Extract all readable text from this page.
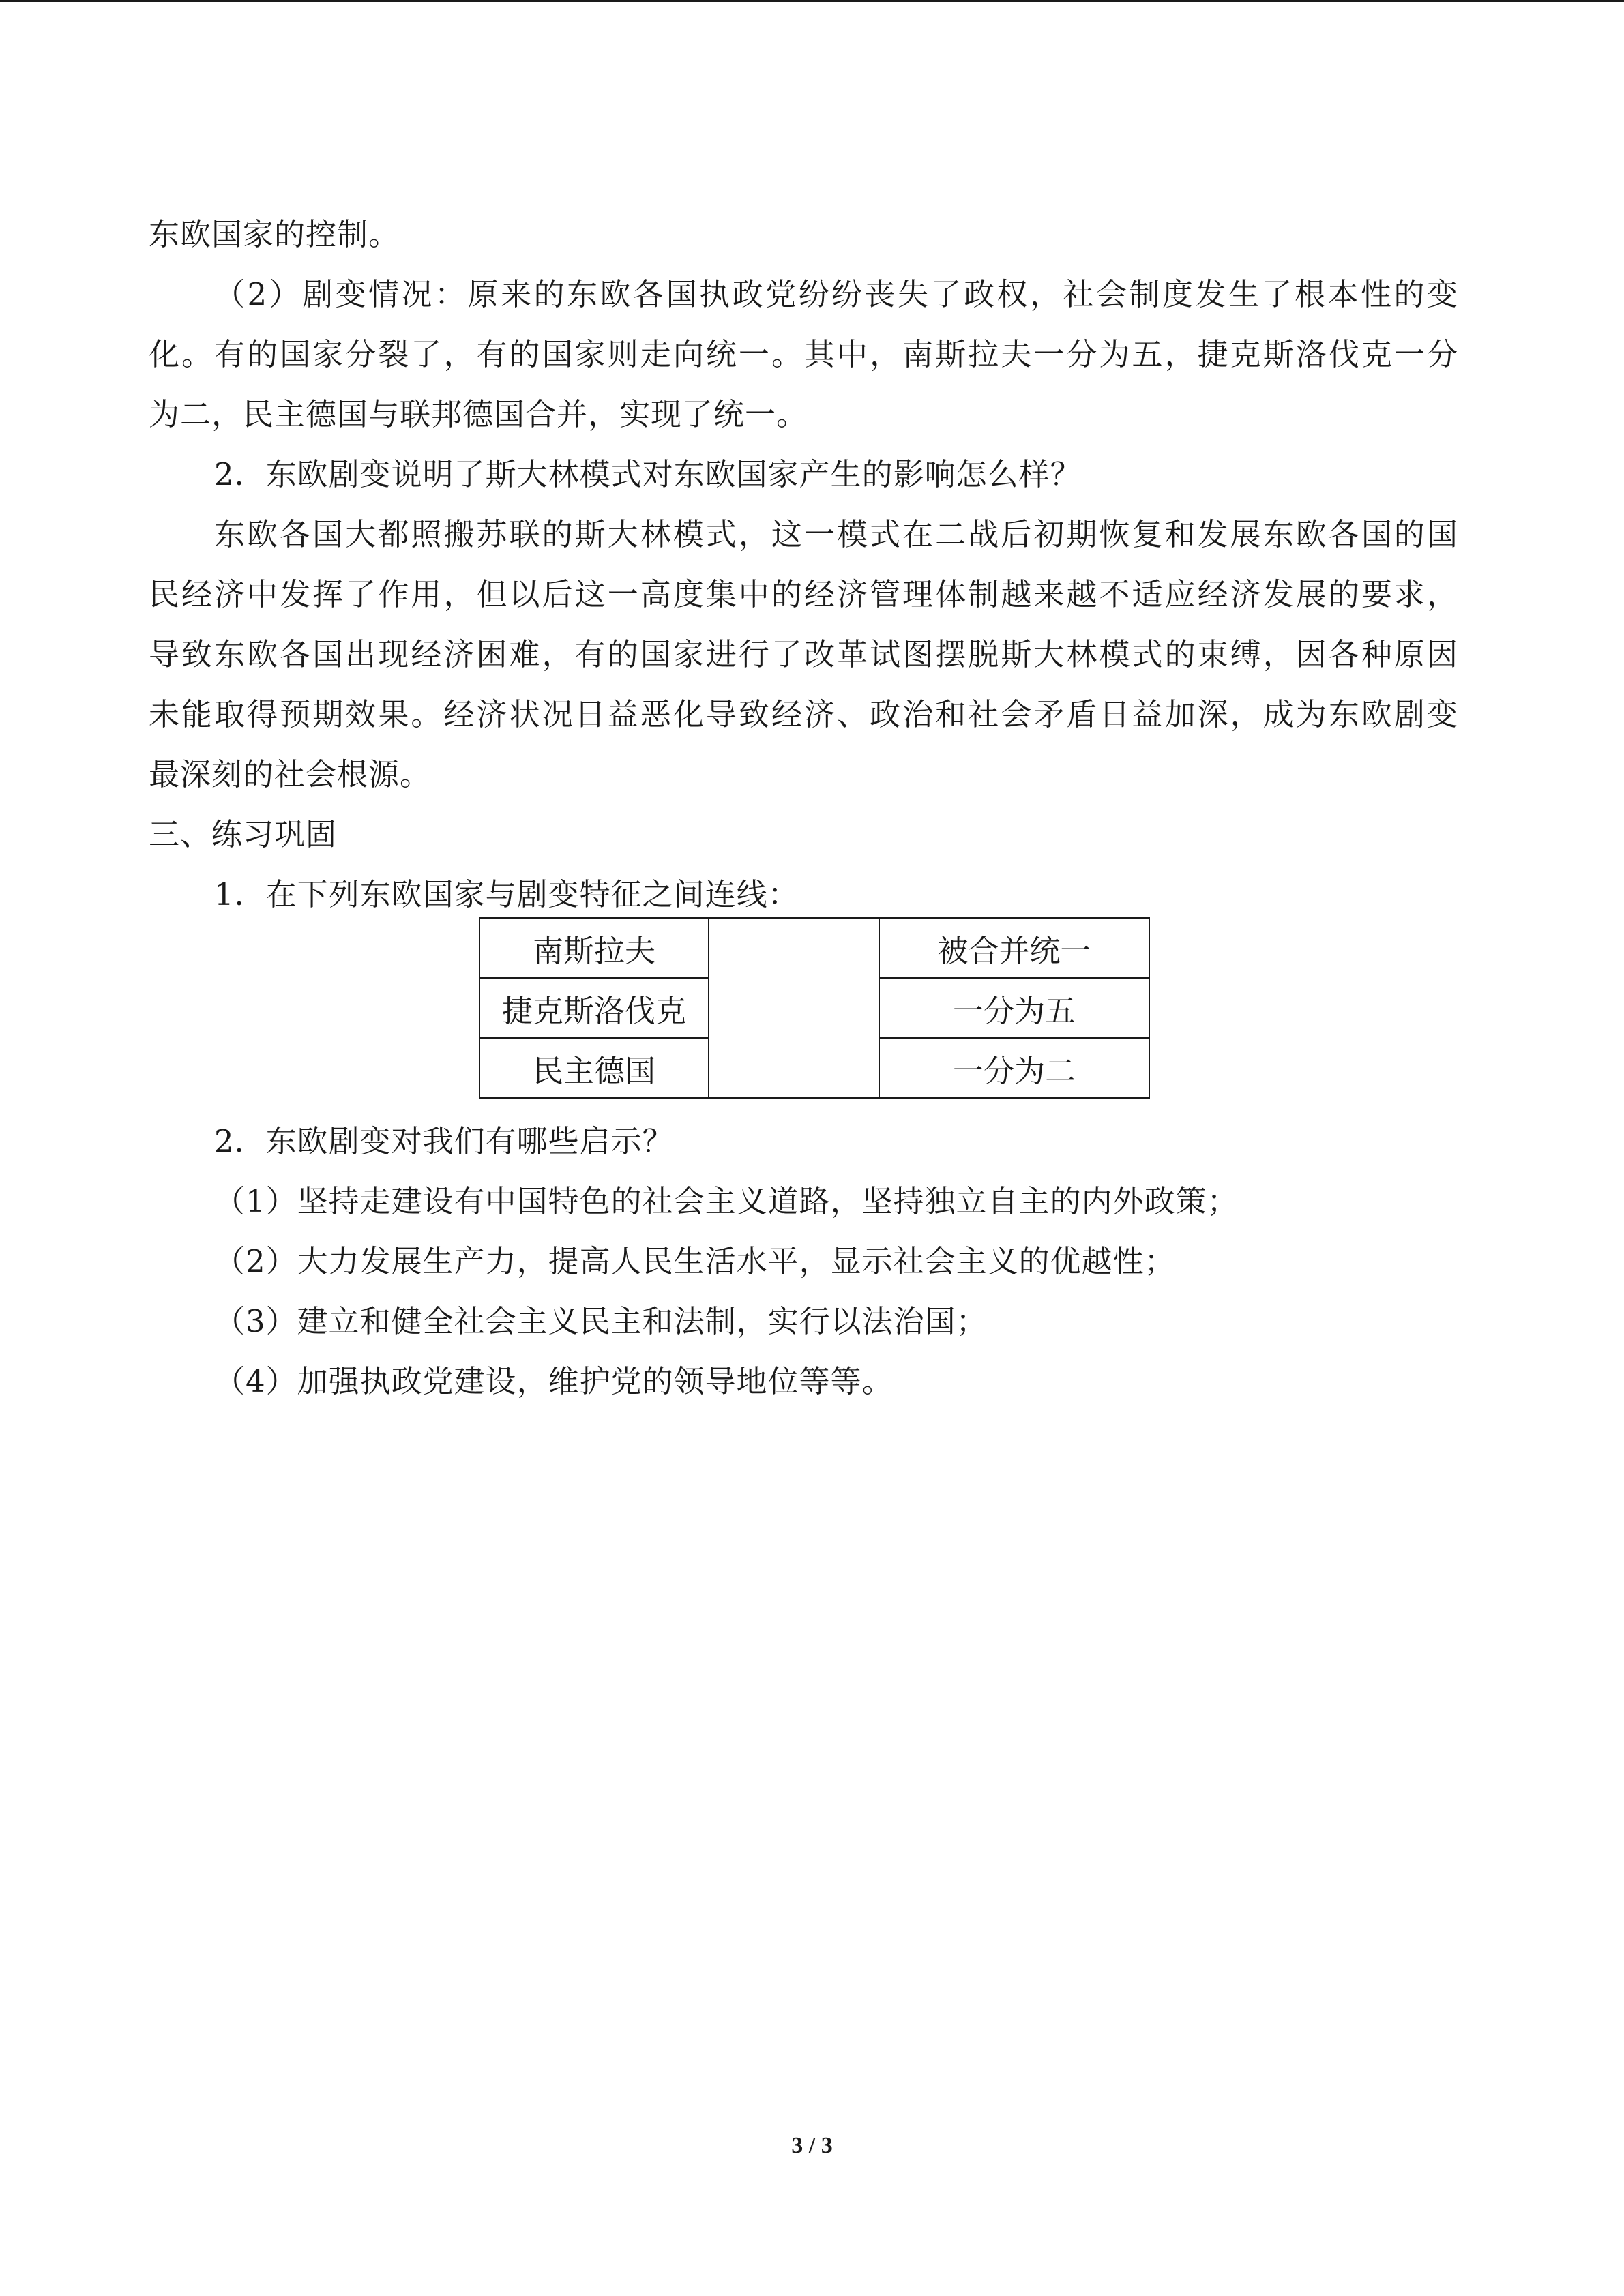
东欧国家的控制。
（2）剧变情况：原来的东欧各国执政党纷纷丧失了政权，社会制度发生了根本性的变
化。有的国家分裂了，有的国家则走向统一。其中，南斯拉夫一分为五，捷克斯洛伐克一分
为二，民主德国与联邦德国合并，实现了统一。
2．东欧剧变说明了斯大林模式对东欧国家产生的影响怎么样？
东欧各国大都照搬苏联的斯大林模式，这一模式在二战后初期恢复和发展东欧各国的国
民经济中发挥了作用，但以后这一高度集中的经济管理体制越来越不适应经济发展的要求，
导致东欧各国出现经济困难，有的国家进行了改革试图摆脱斯大林模式的束缚，因各种原因
未能取得预期效果。经济状况日益恶化导致经济、政治和社会矛盾日益加深，成为东欧剧变
最深刻的社会根源。
三、练习巩固
1．在下列东欧国家与剧变特征之间连线：
南斯拉夫		被合并统一
捷克斯洛伐克		一分为五
民主德国		一分为二
2．东欧剧变对我们有哪些启示？
（1）坚持走建设有中国特色的社会主义道路，坚持独立自主的内外政策；
（2）大力发展生产力，提高人民生活水平，显示社会主义的优越性；
（3）建立和健全社会主义民主和法制，实行以法治国；
（4）加强执政党建设，维护党的领导地位等等。
3 / 3
